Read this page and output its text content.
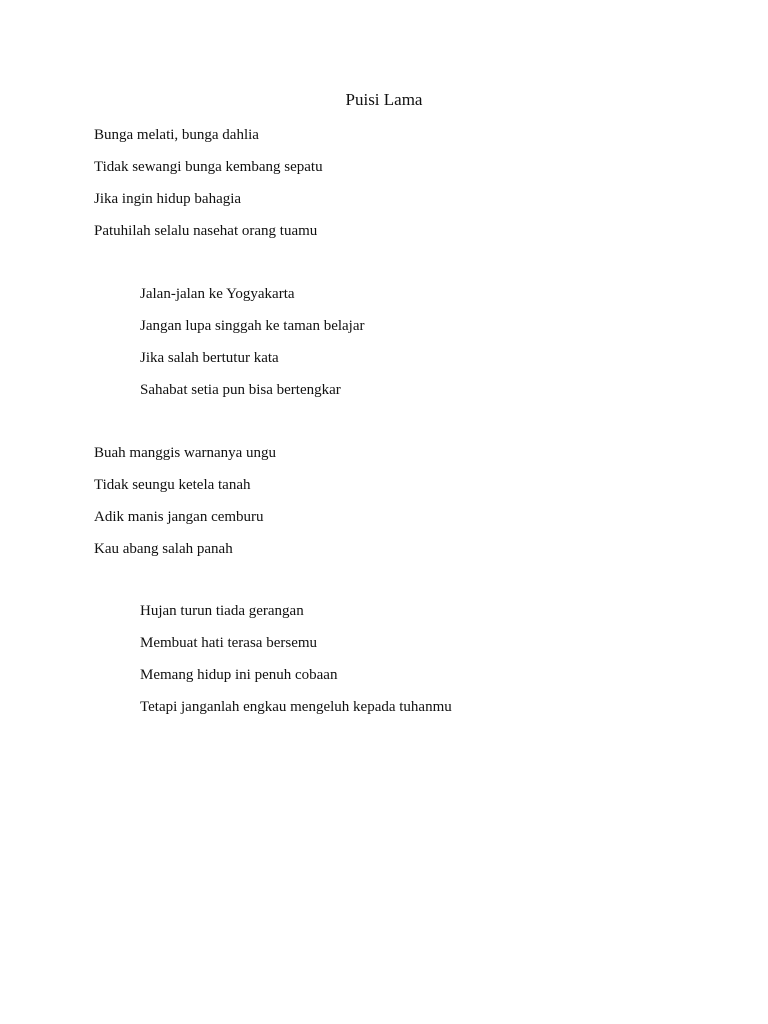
Puisi Lama
Bunga melati, bunga dahlia
Tidak sewangi bunga kembang sepatu
Jika ingin hidup bahagia
Patuhilah selalu nasehat orang tuamu
Jalan-jalan ke Yogyakarta
Jangan lupa singgah ke taman belajar
Jika salah bertutur kata
Sahabat setia pun bisa bertengkar
Buah manggis warnanya ungu
Tidak seungu ketela tanah
Adik manis jangan cemburu
Kau abang salah panah
Hujan turun tiada gerangan
Membuat hati terasa bersemu
Memang hidup ini penuh cobaan
Tetapi janganlah engkau mengeluh kepada tuhanmu
